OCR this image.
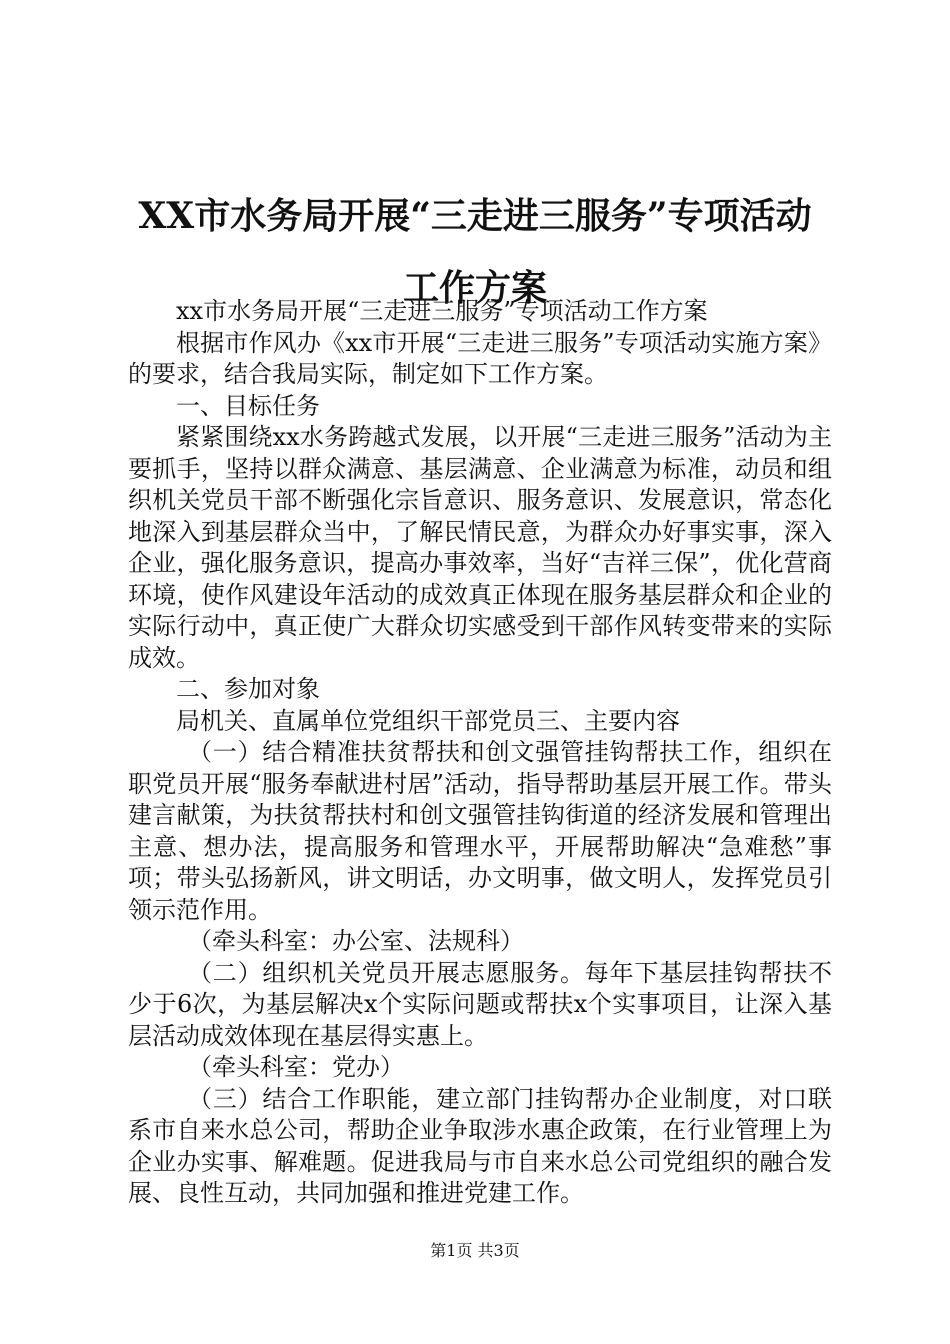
XX市水务局开展“三走进三服务”专项活动
工作方案

xx市水务局开展“三走进三服务”专项活动工作方案

根据市作风办《xx市开展“三走进三服务”专项活动实施方案》的要求，结合我局实际，制定如下工作方案。

一、目标任务

紧紧围绕xx水务跨越式发展，以开展“三走进三服务”活动为主要抓手，坚持以群众满意、基层满意、企业满意为标准，动员和组织机关党员干部不断强化宗旨意识、服务意识、发展意识，常态化地深入到基层群众当中，了解民情民意，为群众办好事实事，深入企业，强化服务意识，提高办事效率，当好“吉祥三保”，优化营商环境，使作风建设年活动的成效真正体现在服务基层群众和企业的实际行动中，真正使广大群众切实感受到干部作风转变带来的实际成效。

二、参加对象

局机关、直属单位党组织干部党员三、主要内容

（一）结合精准扶贫帮扶和创文强管挂钩帮扶工作，组织在职党员开展“服务奉献进村居”活动，指导帮助基层开展工作。带头建言献策，为扶贫帮扶村和创文强管挂钩街道的经济发展和管理出主意、想办法，提高服务和管理水平，开展帮助解决“急难愁”事项；带头弘扬新风，讲文明话，办文明事，做文明人，发挥党员引领示范作用。

（牵头科室：办公室、法规科）

（二）组织机关党员开展志愿服务。每年下基层挂钩帮扶不少于6次，为基层解决x个实际问题或帮扶x个实事项目，让深入基层活动成效体现在基层得实惠上。

（牵头科室：党办）

（三）结合工作职能，建立部门挂钩帮办企业制度，对口联系市自来水总公司，帮助企业争取涉水惠企政策，在行业管理上为企业办实事、解难题。促进我局与市自来水总公司党组织的融合发展、良性互动，共同加强和推进党建工作。

第1页 共3页
